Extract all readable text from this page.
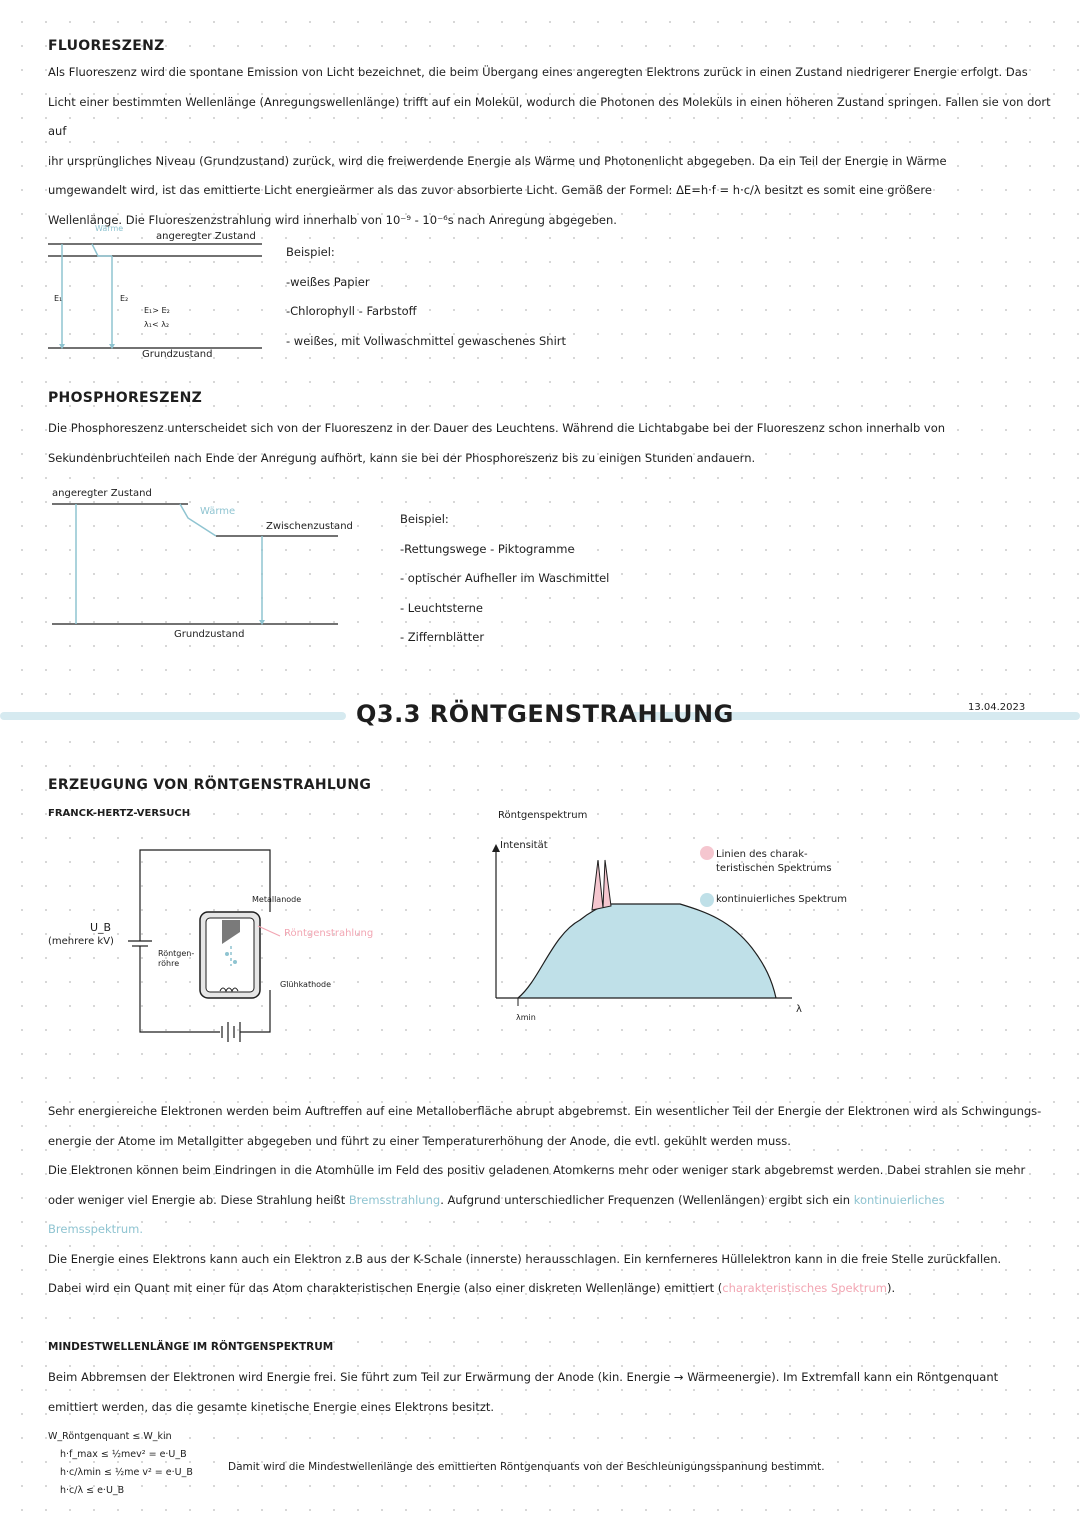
FLUORESZENZ

Als Fluoreszenz wird die spontane Emission von Licht bezeichnet, die beim Übergang eines angeregten Elektrons zurück in einen Zustand niedrigerer Energie erfolgt. Das

Licht einer bestimmten Wellenlänge (Anregungswellenlänge) trifft auf ein Molekül, wodurch die Photonen des Moleküls in einen höheren Zustand springen. Fallen sie von dort auf

ihr ursprüngliches Niveau (Grundzustand) zurück, wird die freiwerdende Energie als Wärme und Photonenlicht abgegeben. Da ein Teil der Energie in Wärme

umgewandelt wird, ist das emittierte Licht energieärmer als das zuvor absorbierte Licht. Gemäß der Formel: ΔE=h·f = h·c/λ besitzt es somit eine größere

Wellenlänge. Die Fluoreszenzstrahlung wird innerhalb von 10⁻⁹ - 10⁻⁶s nach Anregung abgegeben.

Wärme
angeregter Zustand
E₁	E₂
E₁> E₂
λ₁< λ₂
Grundzustand
Beispiel:
-weißes Papier
-Chlorophyll - Farbstoff
- weißes, mit Vollwaschmittel gewaschenes Shirt
PHOSPHORESZENZ

Die Phosphoreszenz unterscheidet sich von der Fluoreszenz in der Dauer des Leuchtens. Während die Lichtabgabe bei der Fluoreszenz schon innerhalb von

Sekundenbruchteilen nach Ende der Anregung aufhört, kann sie bei der Phosphoreszenz bis zu einigen Stunden andauern.

angeregter Zustand
Wärme
Zwischenzustand
Grundzustand
Beispiel:
-Rettungswege - Piktogramme
- optischer Aufheller im Waschmittel
- Leuchtsterne
- Ziffernblätter
Q3.3 RÖNTGENSTRAHLUNG	13.04.2023
ERZEUGUNG VON RÖNTGENSTRAHLUNG
FRANCK-HERTZ-VERSUCH
U_B
(mehrere kV)
Röntgen-röhre
Metallanode
Röntgenstrahlung
Glühkathode
Röntgenspektrum
Intensität
λ
λmin
Linien des charak-
teristischen Spektrums
kontinuierliches Spektrum

Sehr energiereiche Elektronen werden beim Auftreffen auf eine Metalloberfläche abrupt abgebremst. Ein wesentlicher Teil der Energie der Elektronen wird als Schwingungs-

energie der Atome im Metallgitter abgegeben und führt zu einer Temperaturerhöhung der Anode, die evtl. gekühlt werden muss.

Die Elektronen können beim Eindringen in die Atomhülle im Feld des positiv geladenen Atomkerns mehr oder weniger stark abgebremst werden. Dabei strahlen sie mehr

oder weniger viel Energie ab. Diese Strahlung heißt Bremsstrahlung. Aufgrund unterschiedlicher Frequenzen (Wellenlängen) ergibt sich ein kontinuierliches

Bremsspektrum.

Die Energie eines Elektrons kann auch ein Elektron z.B aus der K-Schale (innerste) herausschlagen. Ein kernferneres Hüllelektron kann in die freie Stelle zurückfallen.

Dabei wird ein Quant mit einer für das Atom charakteristischen Energie (also einer diskreten Wellenlänge) emittiert (charakteristisches Spektrum).

MINDESTWELLENLÄNGE IM RÖNTGENSPEKTRUM

Beim Abbremsen der Elektronen wird Energie frei. Sie führt zum Teil zur Erwärmung der Anode (kin. Energie → Wärmeenergie). Im Extremfall kann ein Röntgenquant

emittiert werden, das die gesamte kinetische Energie eines Elektrons besitzt.

W_Röntgenquant ≤ W_kin
h·f_max ≤ ½mev² = e·U_B
h·c/λmin ≤ ½me v² = e·U_B
h·c/λ ≤ e·U_B
Damit wird die Mindestwellenlänge des emittierten Röntgenquants von der Beschleunigungsspannung bestimmt.
